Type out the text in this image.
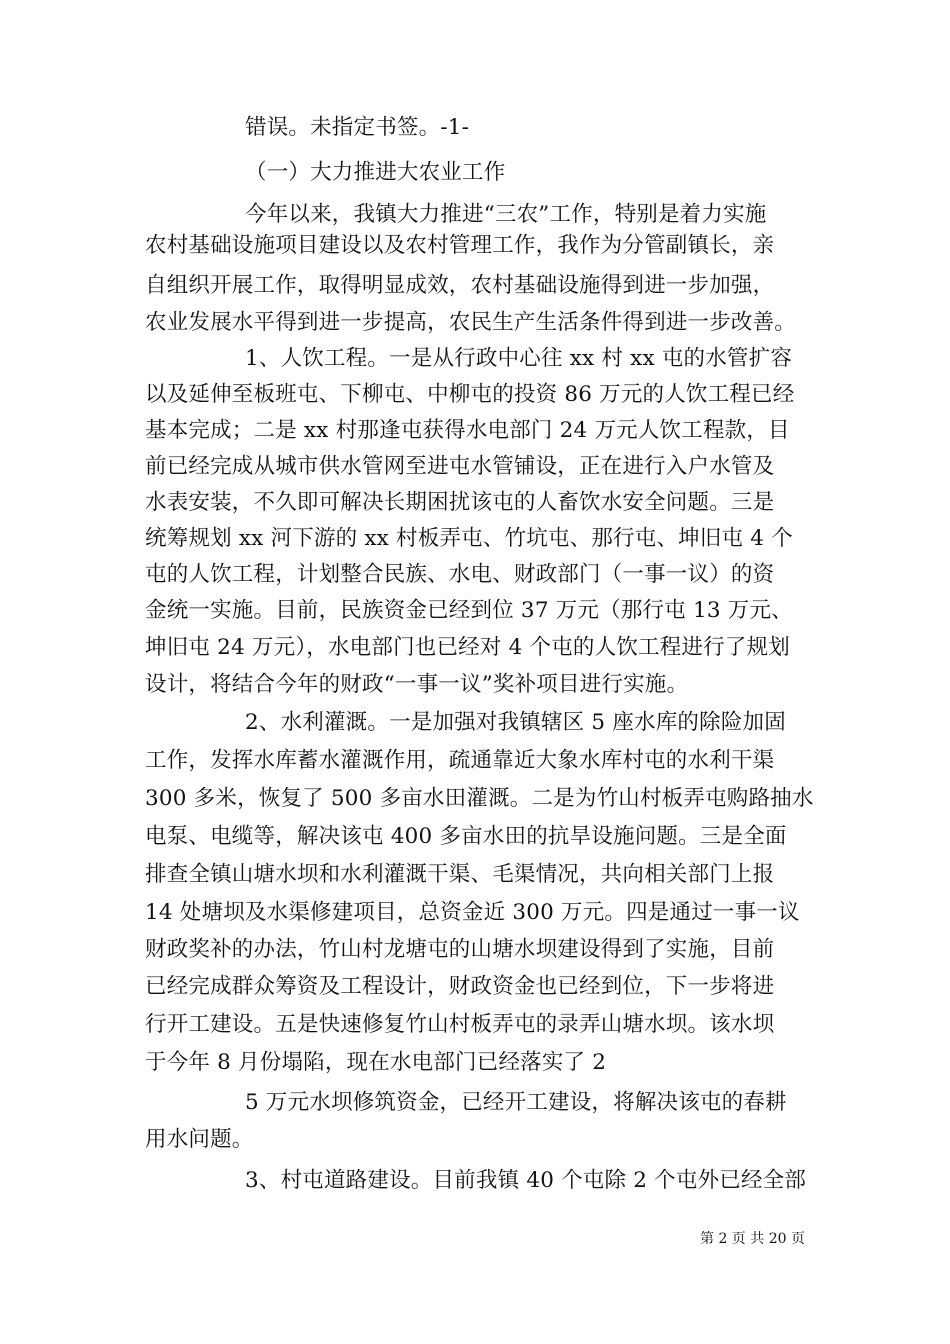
错误。未指定书签。-1-
（一）大力推进大农业工作
今年以来，我镇大力推进“三农”工作，特别是着力实施
农村基础设施项目建设以及农村管理工作，我作为分管副镇长，亲
自组织开展工作，取得明显成效，农村基础设施得到进一步加强，
农业发展水平得到进一步提高，农民生产生活条件得到进一步改善。
1、人饮工程。一是从行政中心往 xx 村 xx 屯的水管扩容
以及延伸至板班屯、下柳屯、中柳屯的投资 86 万元的人饮工程已经
基本完成；二是 xx 村那逢屯获得水电部门 24 万元人饮工程款，目
前已经完成从城市供水管网至进屯水管铺设，正在进行入户水管及
水表安装，不久即可解决长期困扰该屯的人畜饮水安全问题。三是
统筹规划 xx 河下游的 xx 村板弄屯、竹坑屯、那行屯、坤旧屯 4 个
屯的人饮工程，计划整合民族、水电、财政部门（一事一议）的资
金统一实施。目前，民族资金已经到位 37 万元（那行屯 13 万元、
坤旧屯 24 万元），水电部门也已经对 4 个屯的人饮工程进行了规划
设计，将结合今年的财政“一事一议”奖补项目进行实施。
2、水利灌溉。一是加强对我镇辖区 5 座水库的除险加固
工作，发挥水库蓄水灌溉作用，疏通靠近大象水库村屯的水利干渠
300 多米，恢复了 500 多亩水田灌溉。二是为竹山村板弄屯购路抽水
电泵、电缆等，解决该屯 400 多亩水田的抗旱设施问题。三是全面
排查全镇山塘水坝和水利灌溉干渠、毛渠情况，共向相关部门上报
14 处塘坝及水渠修建项目，总资金近 300 万元。四是通过一事一议
财政奖补的办法，竹山村龙塘屯的山塘水坝建设得到了实施，目前
已经完成群众筹资及工程设计，财政资金也已经到位，下一步将进
行开工建设。五是快速修复竹山村板弄屯的录弄山塘水坝。该水坝
于今年 8 月份塌陷，现在水电部门已经落实了 2
5 万元水坝修筑资金，已经开工建设，将解决该屯的春耕
用水问题。
3、村屯道路建设。目前我镇 40 个屯除 2 个屯外已经全部
第 2 页 共 20 页
